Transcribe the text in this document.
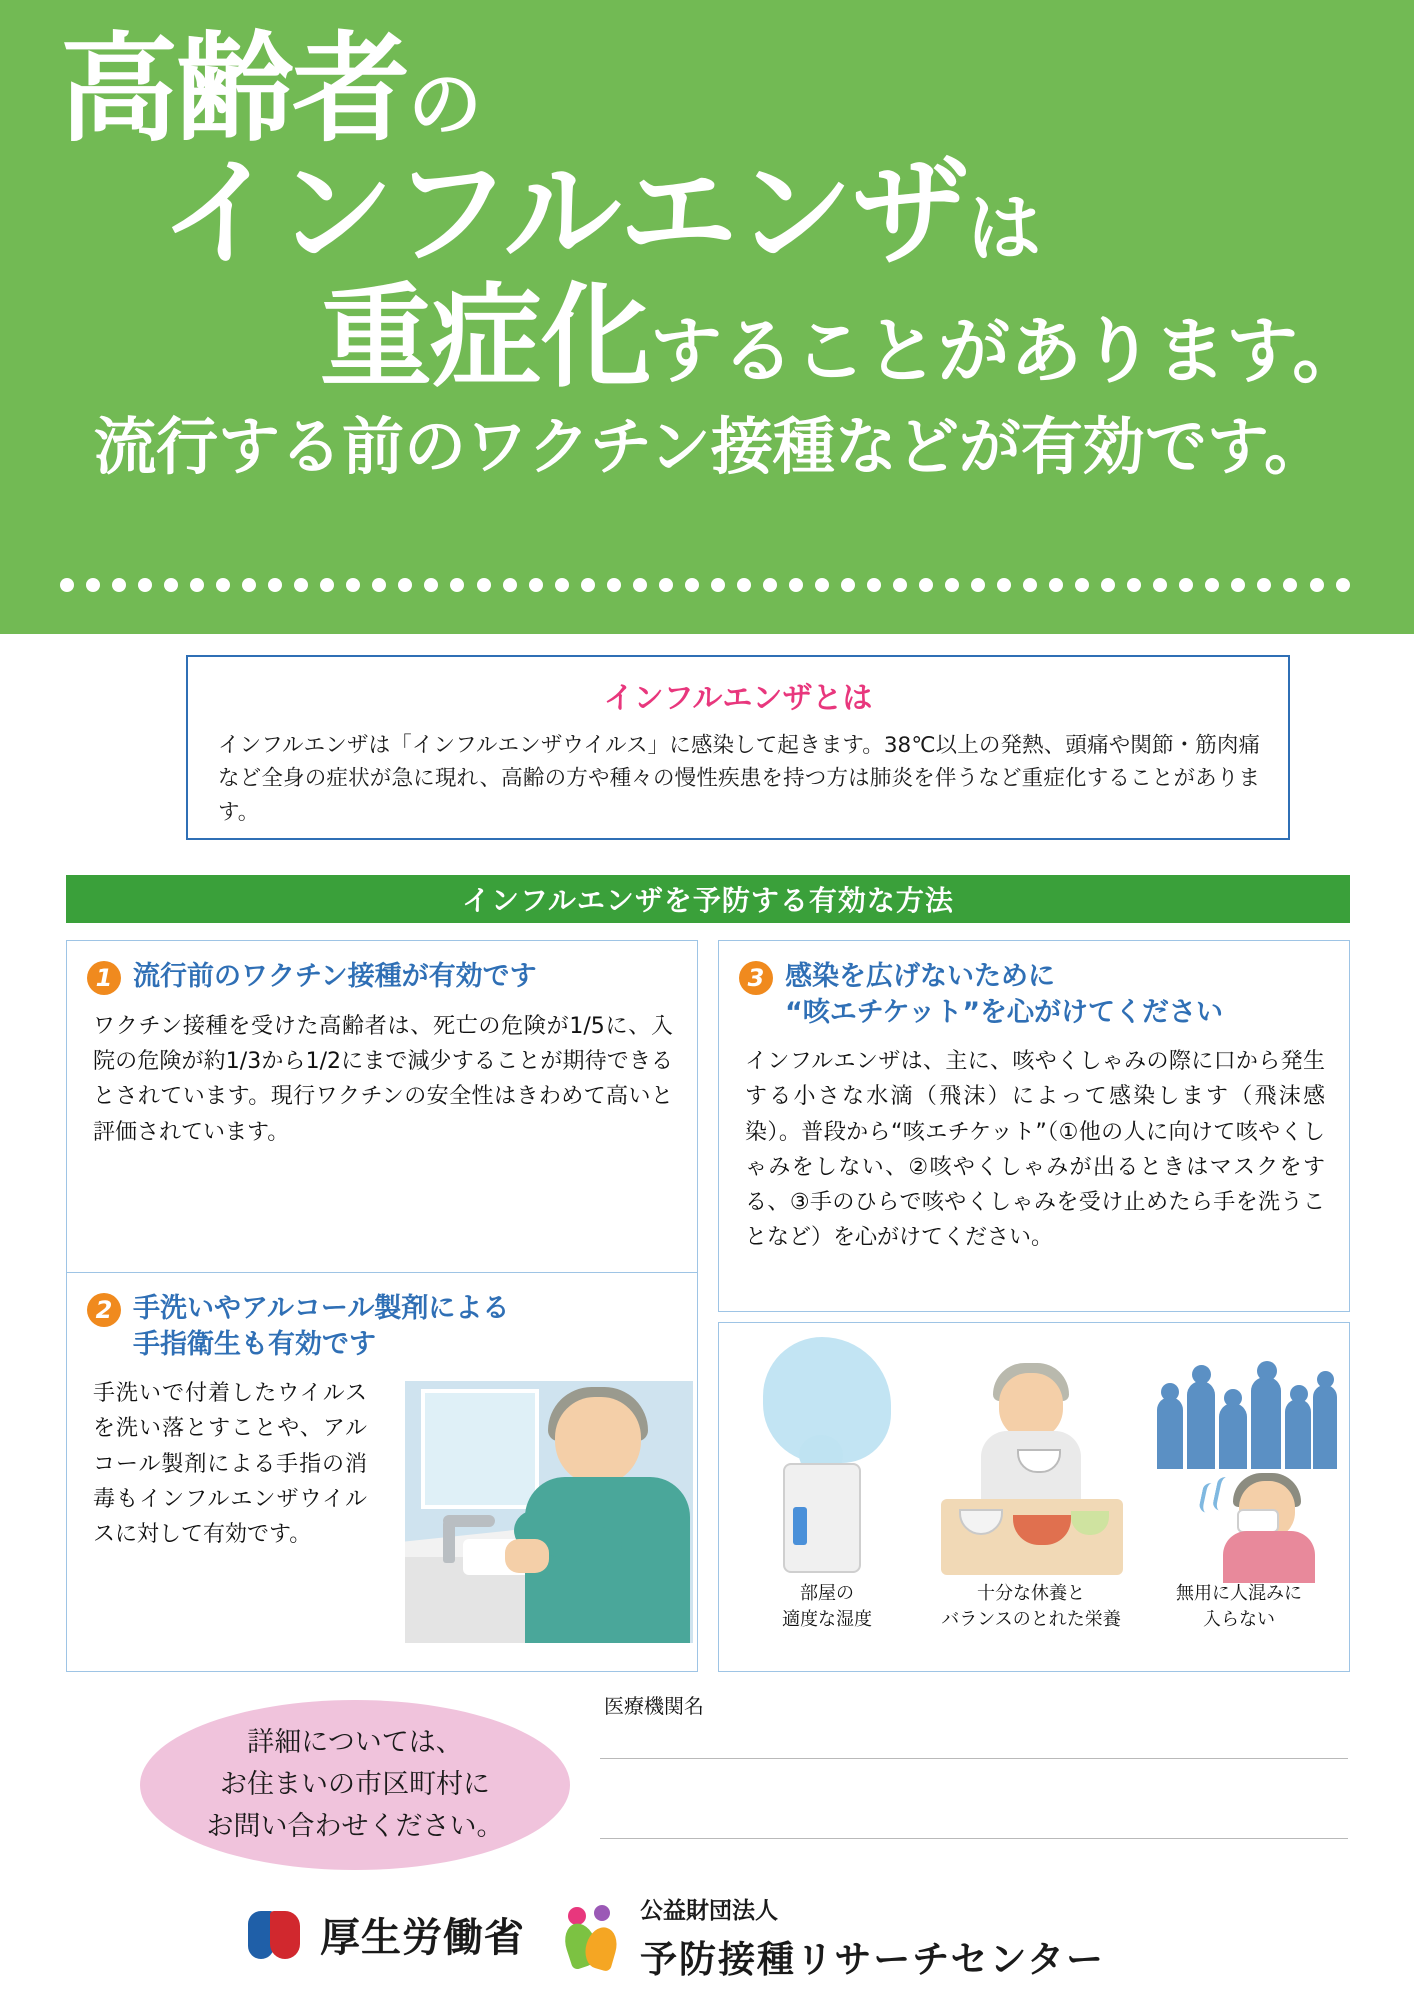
高齢者の
インフルエンザは
重症化することがあります。
流行する前のワクチン接種などが有効です。
インフルエンザとは
インフルエンザは「インフルエンザウイルス」に感染して起きます。38℃以上の発熱、頭痛や関節・筋肉痛など全身の症状が急に現れ、高齢の方や種々の慢性疾患を持つ方は肺炎を伴うなど重症化することがあります。
インフルエンザを予防する有効な方法
1 流行前のワクチン接種が有効です
ワクチン接種を受けた高齢者は、死亡の危険が1/5に、入院の危険が約1/3から1/2にまで減少することが期待できるとされています。現行ワクチンの安全性はきわめて高いと評価されています。
2 手洗いやアルコール製剤による
手指衛生も有効です
手洗いで付着したウイルスを洗い落とすことや、アルコール製剤による手指の消毒もインフルエンザウイルスに対して有効です。
3 感染を広げないために
“咳エチケット”を心がけてください
インフルエンザは、主に、咳やくしゃみの際に口から発生する小さな水滴（飛沫）によって感染します（飛沫感染）。普段から“咳エチケット”（①他の人に向けて咳やくしゃみをしない、②咳やくしゃみが出るときはマスクをする、③手のひらで咳やくしゃみを受け止めたら手を洗うことなど）を心がけてください。
部屋の
適度な湿度
十分な休養と
バランスのとれた栄養
無用に人混みに
入らない
医療機関名
詳細については、
お住まいの市区町村に
お問い合わせください。
厚生労働省
公益財団法人
予防接種リサーチセンター
